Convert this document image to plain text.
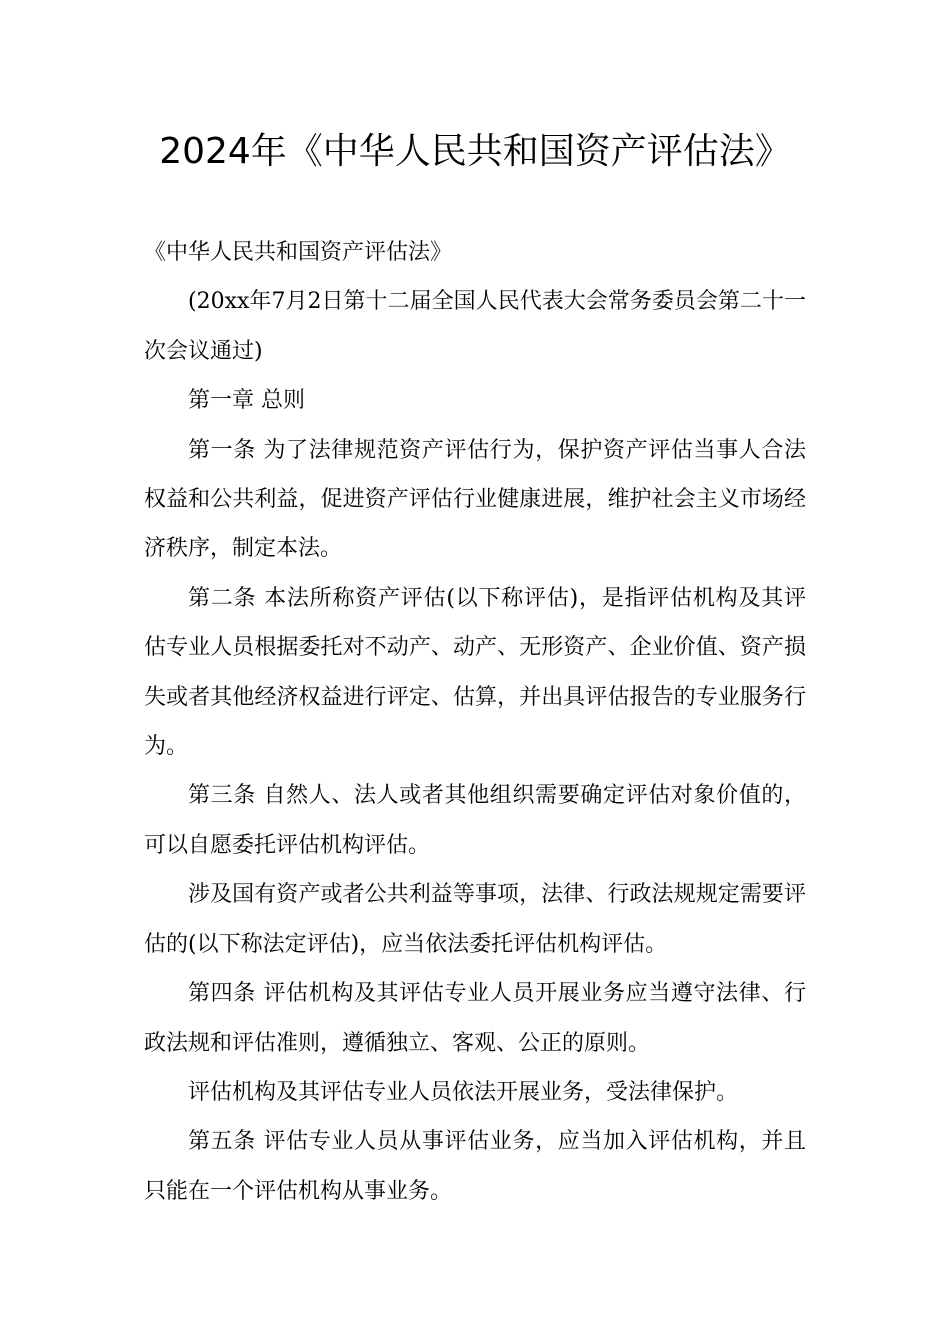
2024年《中华人民共和国资产评估法》

《中华人民共和国资产评估法》

(20xx年7月2日第十二届全国人民代表大会常务委员会第二十一次会议通过)

第一章 总则

第一条 为了法律规范资产评估行为，保护资产评估当事人合法权益和公共利益，促进资产评估行业健康进展，维护社会主义市场经济秩序，制定本法。

第二条 本法所称资产评估(以下称评估)，是指评估机构及其评估专业人员根据委托对不动产、动产、无形资产、企业价值、资产损失或者其他经济权益进行评定、估算，并出具评估报告的专业服务行为。

第三条 自然人、法人或者其他组织需要确定评估对象价值的，可以自愿委托评估机构评估。

涉及国有资产或者公共利益等事项，法律、行政法规规定需要评估的(以下称法定评估)，应当依法委托评估机构评估。

第四条 评估机构及其评估专业人员开展业务应当遵守法律、行政法规和评估准则，遵循独立、客观、公正的原则。

评估机构及其评估专业人员依法开展业务，受法律保护。

第五条 评估专业人员从事评估业务，应当加入评估机构，并且只能在一个评估机构从事业务。
